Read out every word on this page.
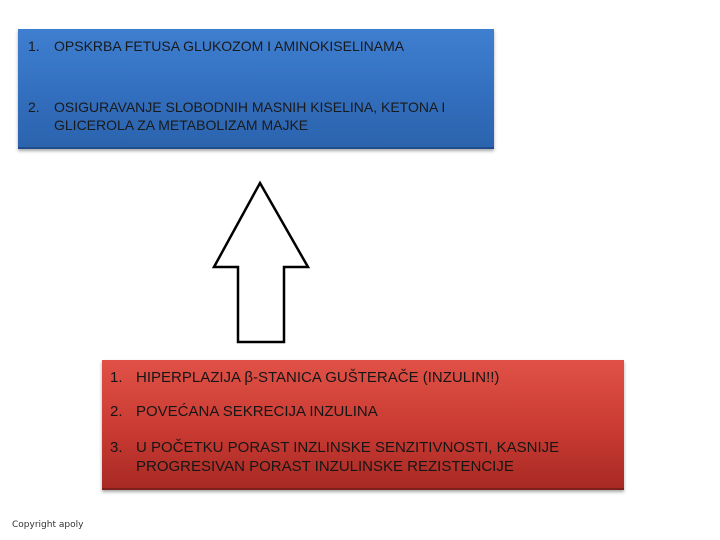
1.	OPSKRBA FETUSA GLUKOZOM I AMINOKISELINAMA
2.	OSIGURAVANJE SLOBODNIH MASNIH KISELINA, KETONA I GLICEROLA ZA METABOLIZAM MAJKE
1. HIPERPLAZIJA β-STANICA GUŠTERAČE (INZULIN!!)
2. POVEĆANA SEKRECIJA INZULINA
3. U POČETKU PORAST INZLINSKE SENZITIVNOSTI, KASNIJE PROGRESIVAN PORAST INZULINSKE REZISTENCIJE
Copyright apoly
